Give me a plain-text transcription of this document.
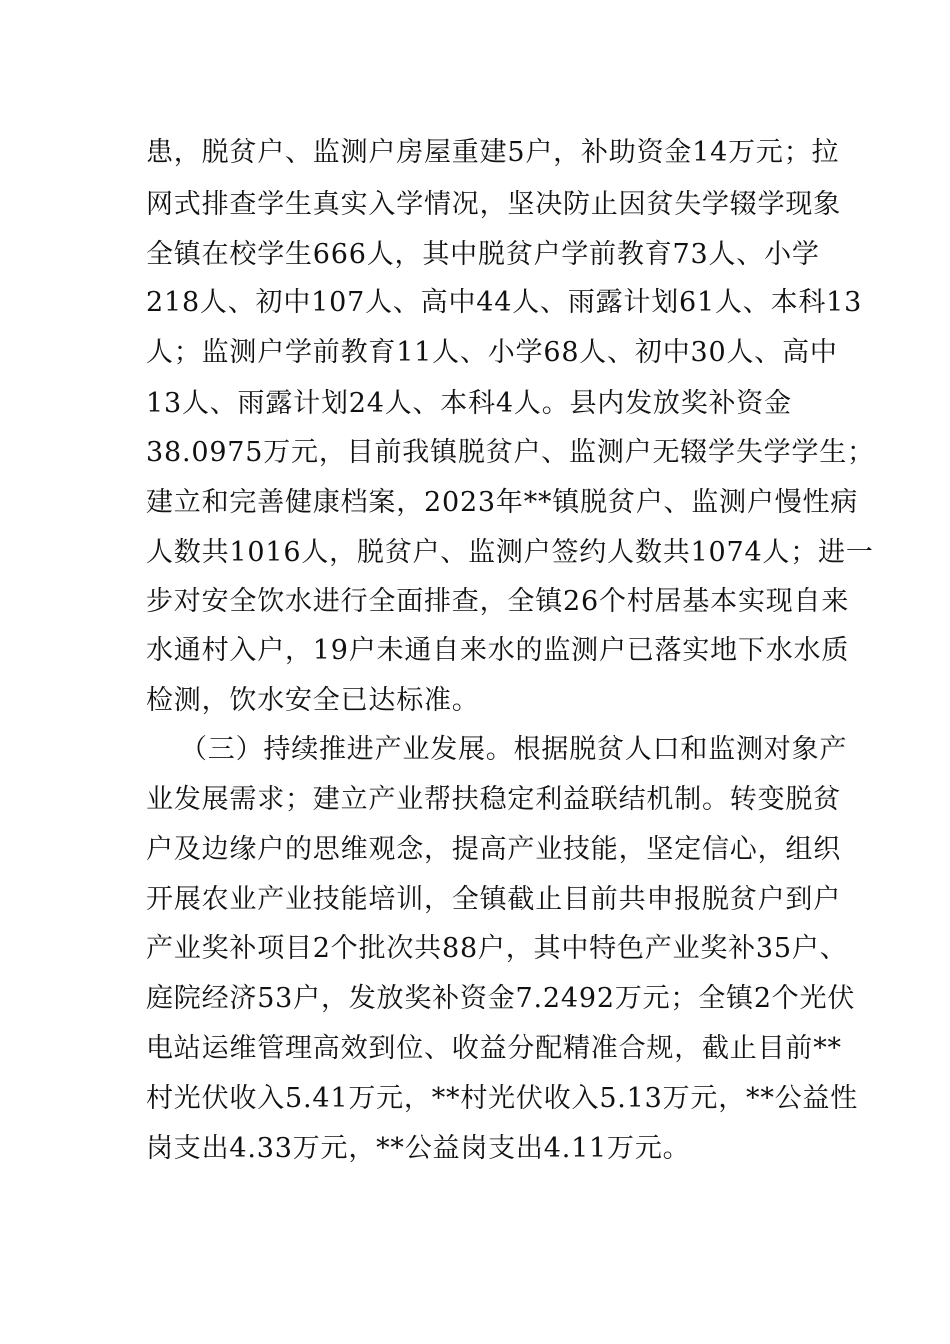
患，脱贫户、监测户房屋重建5户，补助资金14万元；拉
网式排查学生真实入学情况，坚决防止因贫失学辍学现象
全镇在校学生666人，其中脱贫户学前教育73人、小学
218人、初中107人、高中44人、雨露计划61人、本科13
人；监测户学前教育11人、小学68人、初中30人、高中
13人、雨露计划24人、本科4人。县内发放奖补资金
38.0975万元，目前我镇脱贫户、监测户无辍学失学学生；
建立和完善健康档案，2023年**镇脱贫户、监测户慢性病
人数共1016人，脱贫户、监测户签约人数共1074人；进一
步对安全饮水进行全面排查，全镇26个村居基本实现自来
水通村入户，19户未通自来水的监测户已落实地下水水质
检测，饮水安全已达标准。
（三）持续推进产业发展。根据脱贫人口和监测对象产
业发展需求；建立产业帮扶稳定利益联结机制。转变脱贫
户及边缘户的思维观念，提高产业技能，坚定信心，组织
开展农业产业技能培训，全镇截止目前共申报脱贫户到户
产业奖补项目2个批次共88户，其中特色产业奖补35户、
庭院经济53户，发放奖补资金7.2492万元；全镇2个光伏
电站运维管理高效到位、收益分配精准合规，截止目前**
村光伏收入5.41万元，**村光伏收入5.13万元，**公益性
岗支出4.33万元，**公益岗支出4.11万元。
